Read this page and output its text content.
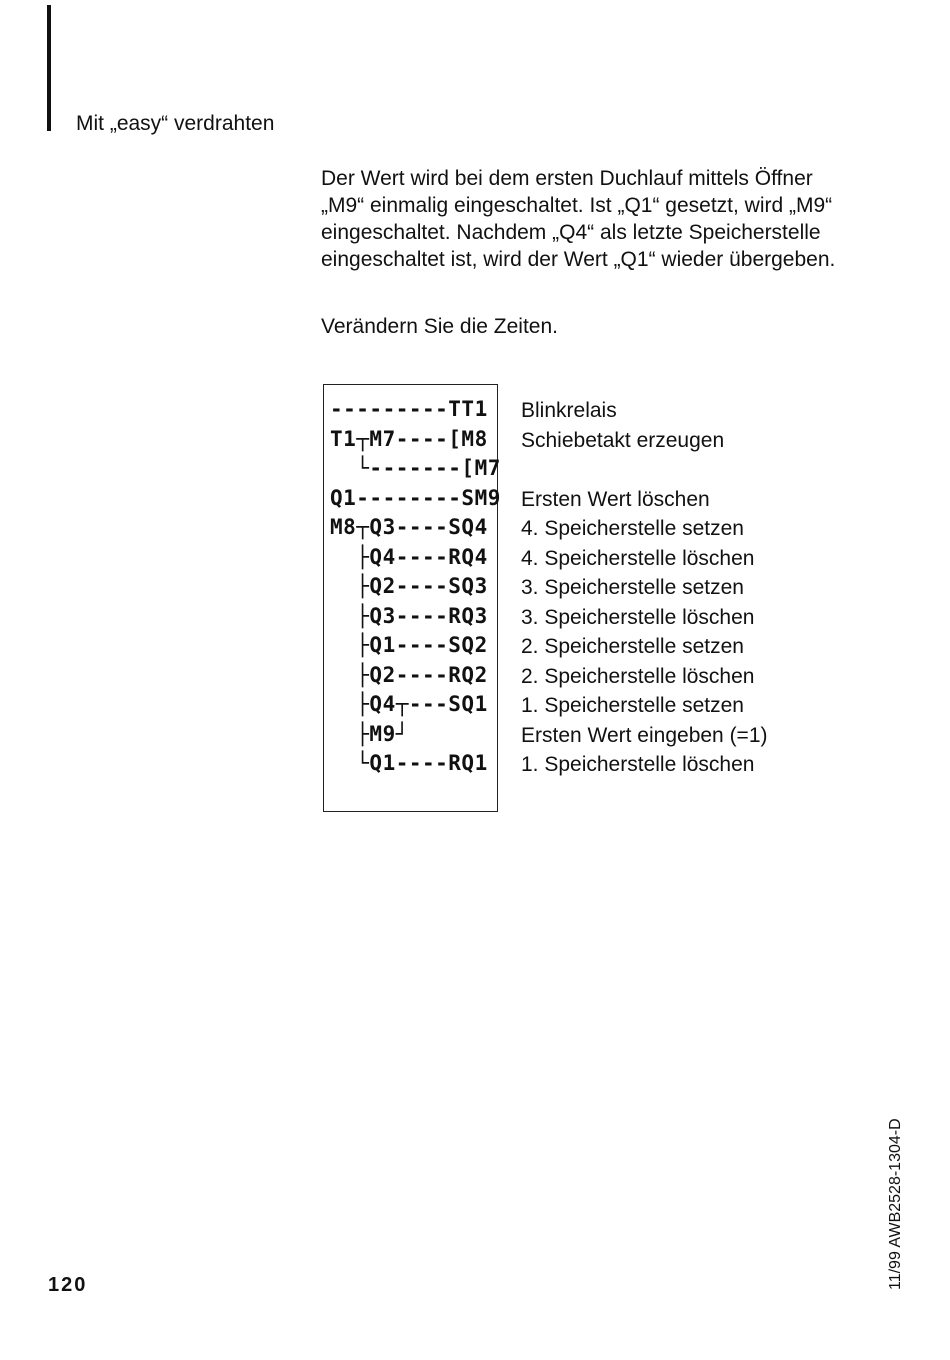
Mit „easy“ verdrahten

Der Wert wird bei dem ersten Duchlauf mittels Öffner „M9“ einmalig eingeschaltet. Ist „Q1“ gesetzt, wird „M9“ eingeschaltet. Nachdem „Q4“ als letzte Speicherstelle eingeschaltet ist, wird der Wert „Q1“ wieder übergeben.

Verändern Sie die Zeiten.

---------TT1
T1┬M7----[M8
└-------[M7
Q1--------SM9
M8┬Q3----SQ4
├Q4----RQ4
├Q2----SQ3
├Q3----RQ3
├Q1----SQ2
├Q2----RQ2
├Q4┬---SQ1
├M9┘
└Q1----RQ1
Blinkrelais
Schiebetakt erzeugen
Ersten Wert löschen
4. Speicherstelle setzen
4. Speicherstelle löschen
3. Speicherstelle setzen
3. Speicherstelle löschen
2. Speicherstelle setzen
2. Speicherstelle löschen
1. Speicherstelle setzen
Ersten Wert eingeben (=1)
1. Speicherstelle löschen
120	11/99 AWB2528-1304-D
